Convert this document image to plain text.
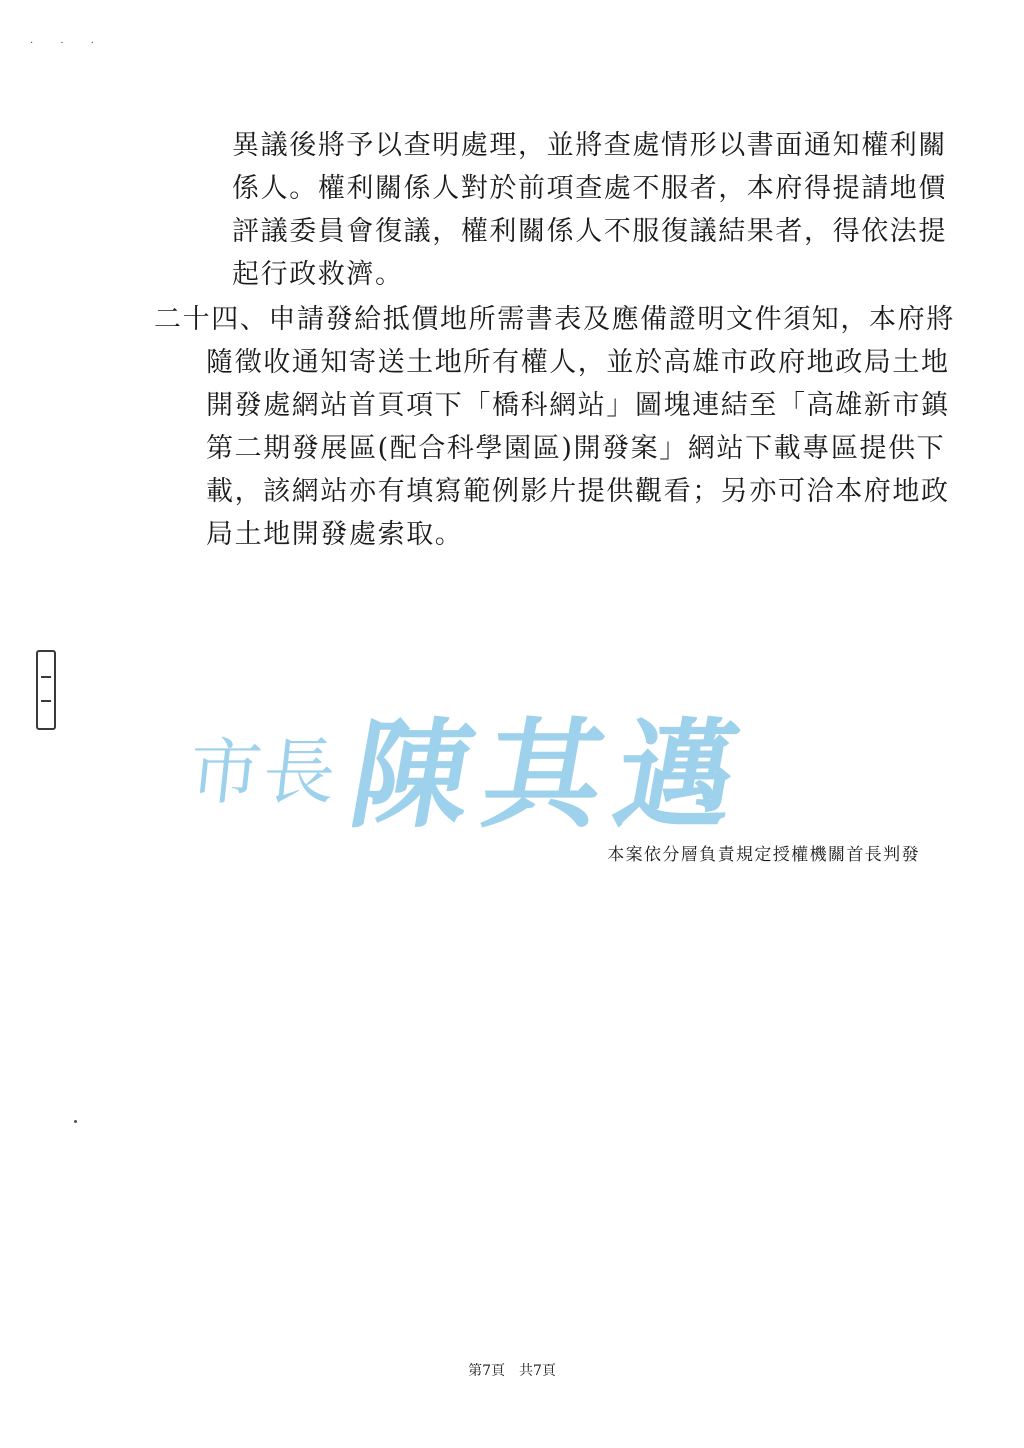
· · ·
異議後將予以查明處理，並將查處情形以書面通知權利關
係人。權利關係人對於前項查處不服者，本府得提請地價
評議委員會復議，權利關係人不服復議結果者，得依法提
起行政救濟。
二十四、申請發給抵價地所需書表及應備證明文件須知，本府將
隨徵收通知寄送土地所有權人，並於高雄市政府地政局土地
開發處網站首頁項下「橋科網站」圖塊連結至「高雄新市鎮
第二期發展區(配合科學園區)開發案」網站下載專區提供下
載，該網站亦有填寫範例影片提供觀看；另亦可洽本府地政
局土地開發處索取。
市長 陳其邁
本案依分層負責規定授權機關首長判發
第7頁 共7頁
